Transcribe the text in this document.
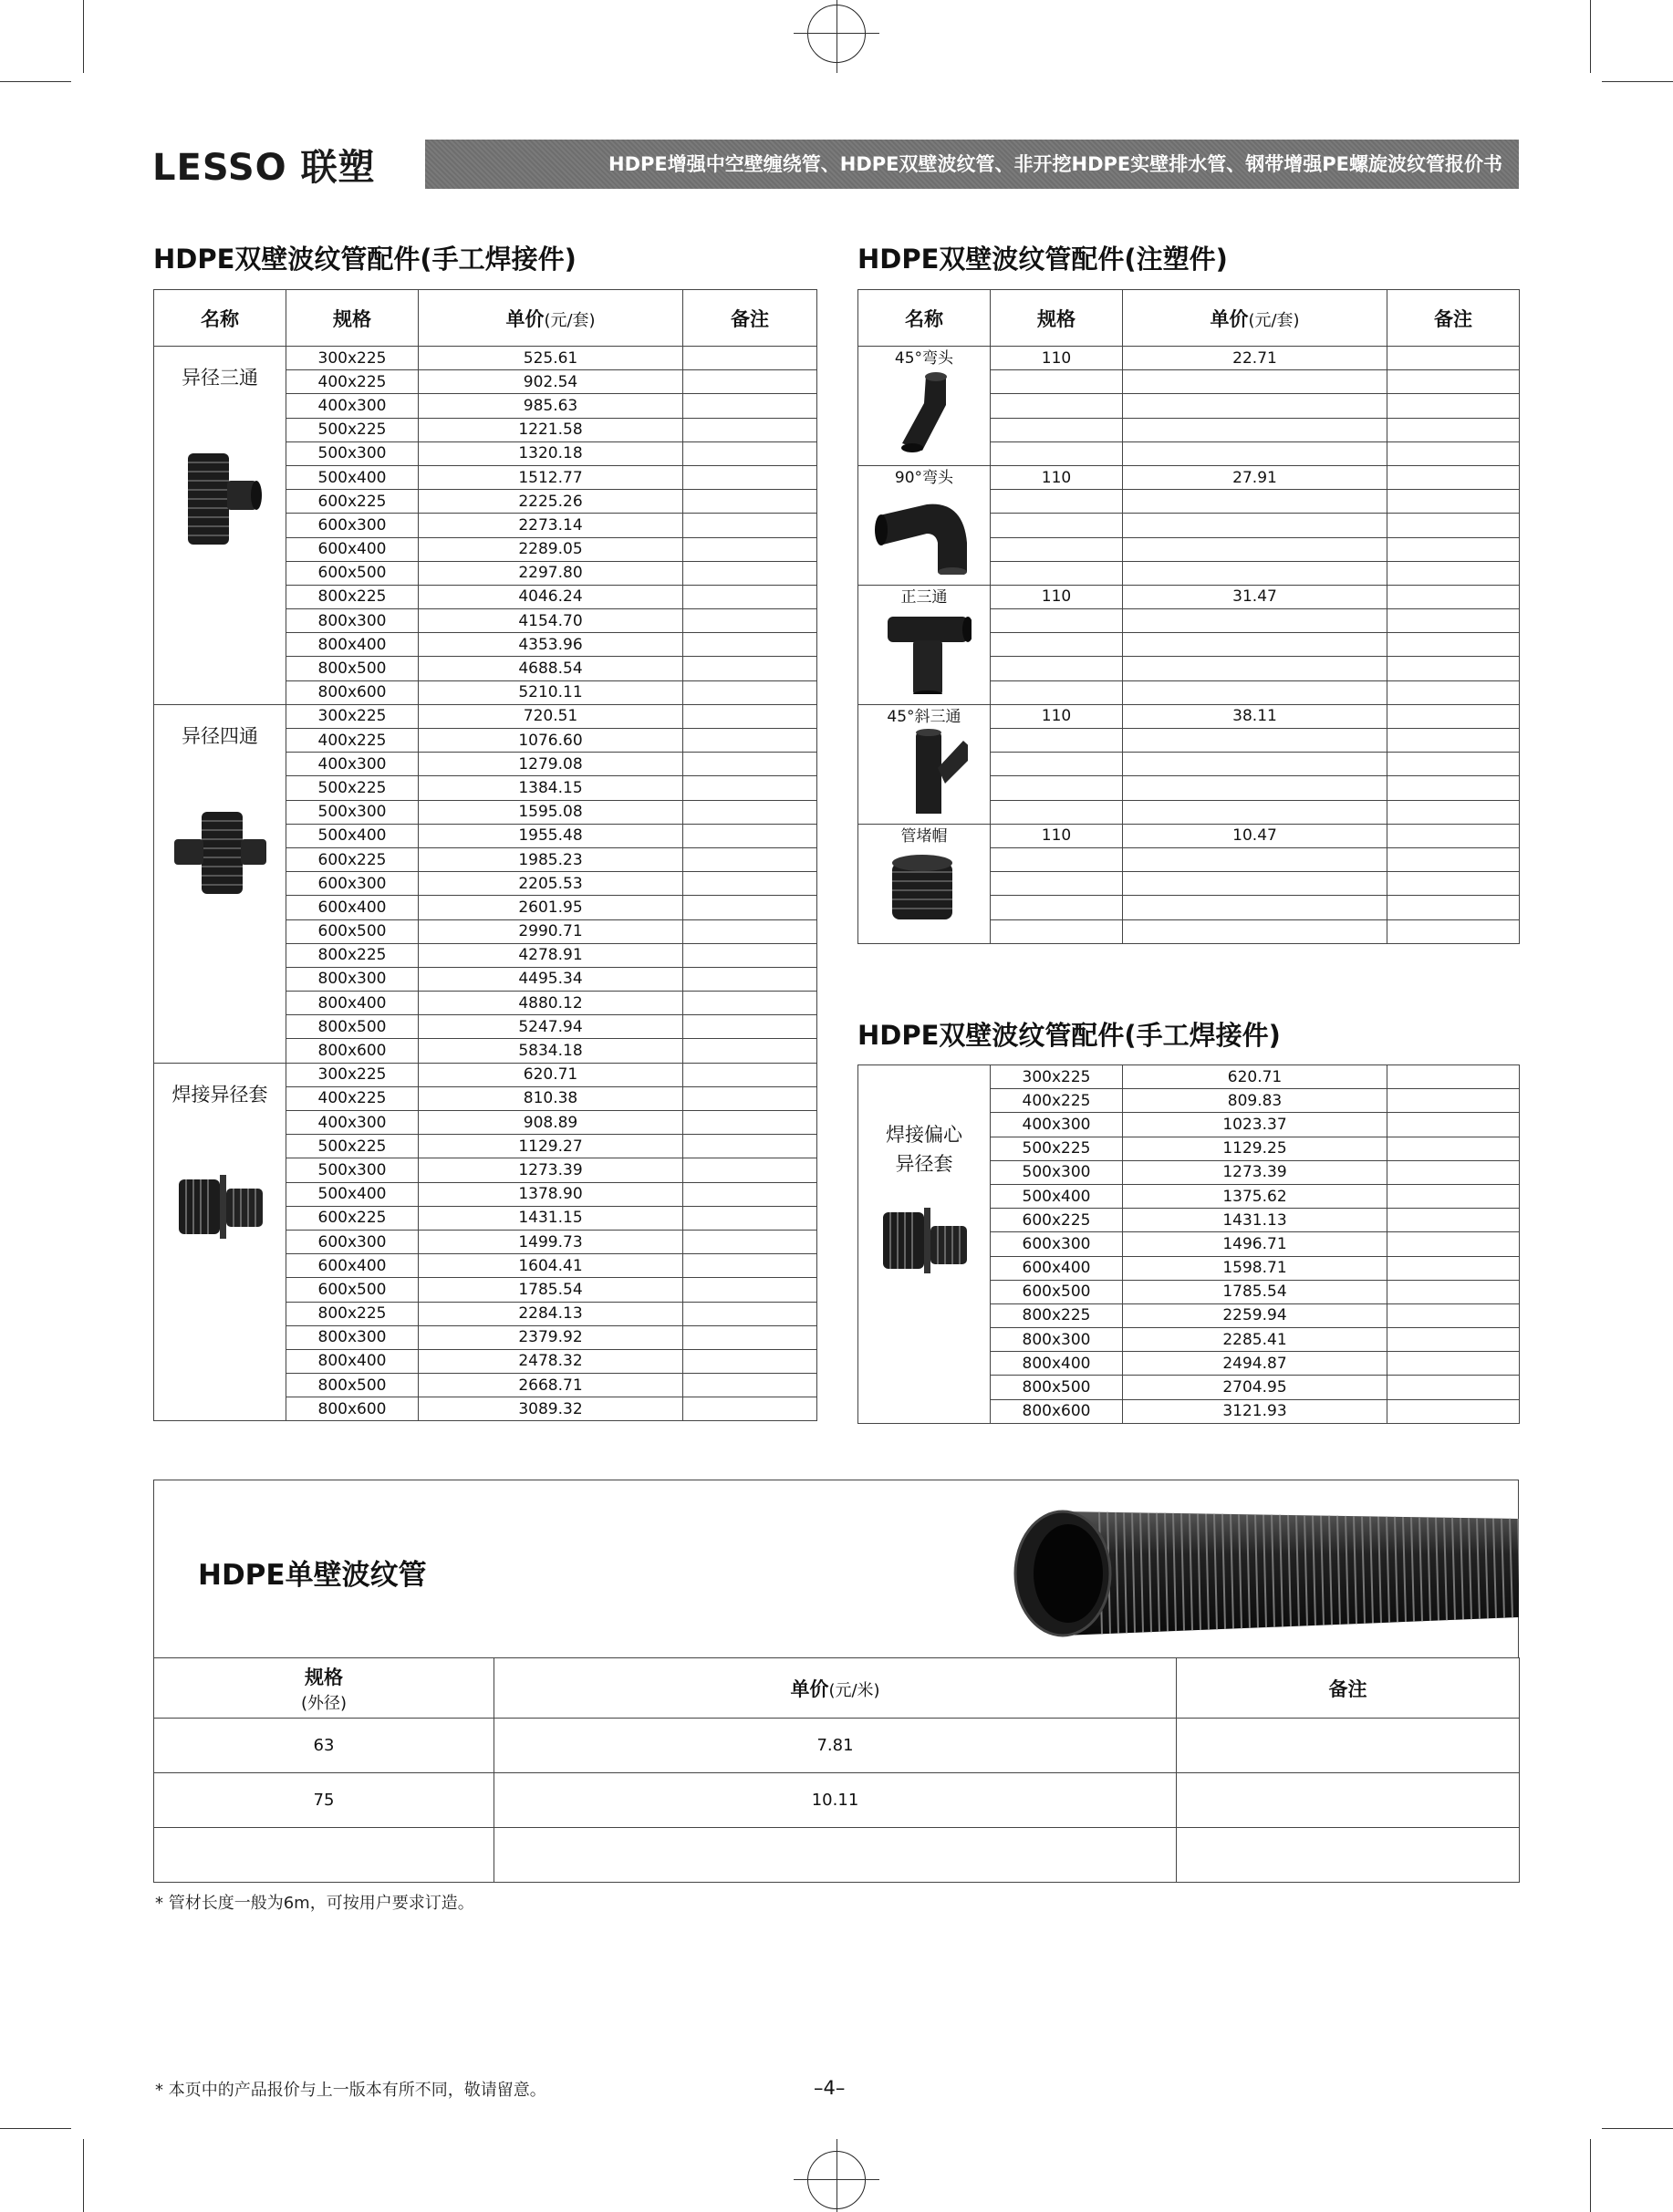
LESSO 联塑	HDPE增强中空壁缠绕管、HDPE双壁波纹管、非开挖HDPE实壁排水管、钢带增强PE螺旋波纹管报价书
HDPE双壁波纹管配件(手工焊接件)	HDPE双壁波纹管配件(注塑件)
HDPE双壁波纹管配件(手工焊接件)
名称	规格	单价(元/套)	备注

异径三通	300x225	525.61	
	400x225	902.54	
	400x300	985.63	
	500x225	1221.58	
	500x300	1320.18	
	500x400	1512.77	
	600x225	2225.26	
	600x300	2273.14	
	600x400	2289.05	
	600x500	2297.80	
	800x225	4046.24	
	800x300	4154.70	
	800x400	4353.96	
	800x500	4688.54	
	800x600	5210.11	

异径四通	300x225	720.51	
	400x225	1076.60	
	400x300	1279.08	
	500x225	1384.15	
	500x300	1595.08	
	500x400	1955.48	
	600x225	1985.23	
	600x300	2205.53	
	600x400	2601.95	
	600x500	2990.71	
	800x225	4278.91	
	800x300	4495.34	
	800x400	4880.12	
	800x500	5247.94	
	800x600	5834.18	

焊接异径套	300x225	620.71	
	400x225	810.38	
	400x300	908.89	
	500x225	1129.27	
	500x300	1273.39	
	500x400	1378.90	
	600x225	1431.15	
	600x300	1499.73	
	600x400	1604.41	
	600x500	1785.54	
	800x225	2284.13	
	800x300	2379.92	
	800x400	2478.32	
	800x500	2668.71	
	800x600	3089.32	
名称	规格	单价(元/套)	备注

45°弯头	110	22.71	

90°弯头	110	27.91	

正三通	110	31.47	

45°斜三通	110	38.11	

管堵帽	110	10.47	

焊接偏心
异径套	300x225	620.71	
	400x225	809.83	
	400x300	1023.37	
	500x225	1129.25	
	500x300	1273.39	
	500x400	1375.62	
	600x225	1431.13	
	600x300	1496.71	
	600x400	1598.71	
	600x500	1785.54	
	800x225	2259.94	
	800x300	2285.41	
	800x400	2494.87	
	800x500	2704.95	
	800x600	3121.93	
HDPE单壁波纹管
规格
(外径)	单价(元/米)	备注
63	7.81	
75	10.11	

* 管材长度一般为6m，可按用户要求订造。
* 本页中的产品报价与上一版本有所不同，敬请留意。	–4–
